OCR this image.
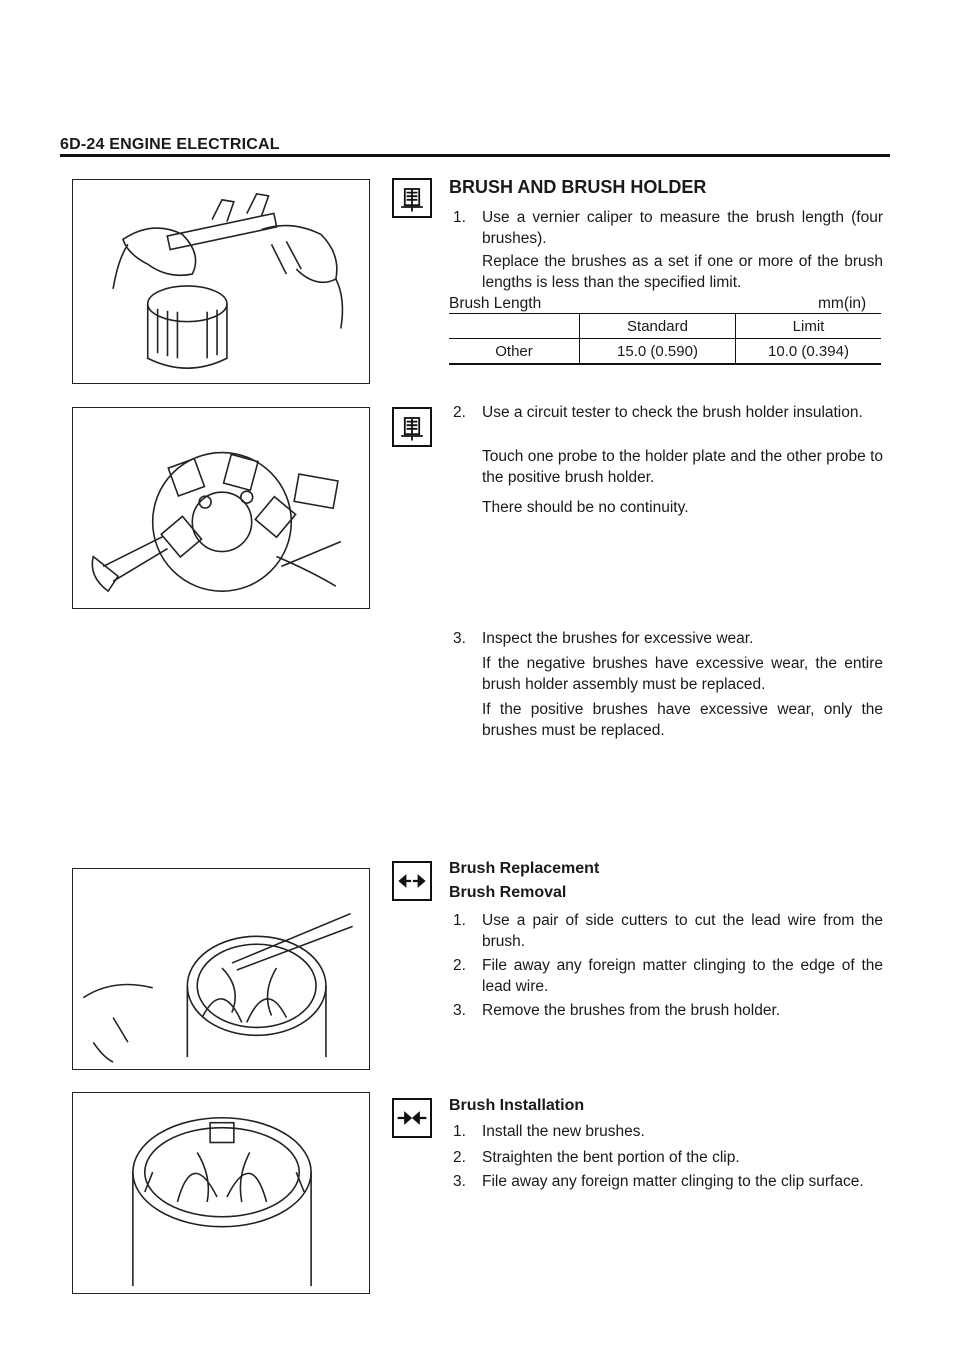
6D-24 ENGINE ELECTRICAL
BRUSH AND BRUSH HOLDER
1. Use a vernier caliper to measure the brush length (four brushes).
Replace the brushes as a set if one or more of the brush lengths is less than the specified limit.
Brush Length	mm(in)
	Standard	Limit
Other	15.0 (0.590)	10.0 (0.394)
2. Use a circuit tester to check the brush holder insulation.
Touch one probe to the holder plate and the other probe to the positive brush holder.
There should be no continuity.
3. Inspect the brushes for excessive wear.
If the negative brushes have excessive wear, the entire brush holder assembly must be replaced.
If the positive brushes have excessive wear, only the brushes must be replaced.
Brush Replacement
Brush Removal
1. Use a pair of side cutters to cut the lead wire from the brush.
2. File away any foreign matter clinging to the edge of the lead wire.
3. Remove the brushes from the brush holder.
Brush Installation
1. Install the new brushes.
2. Straighten the bent portion of the clip.
3. File away any foreign matter clinging to the clip surface.
